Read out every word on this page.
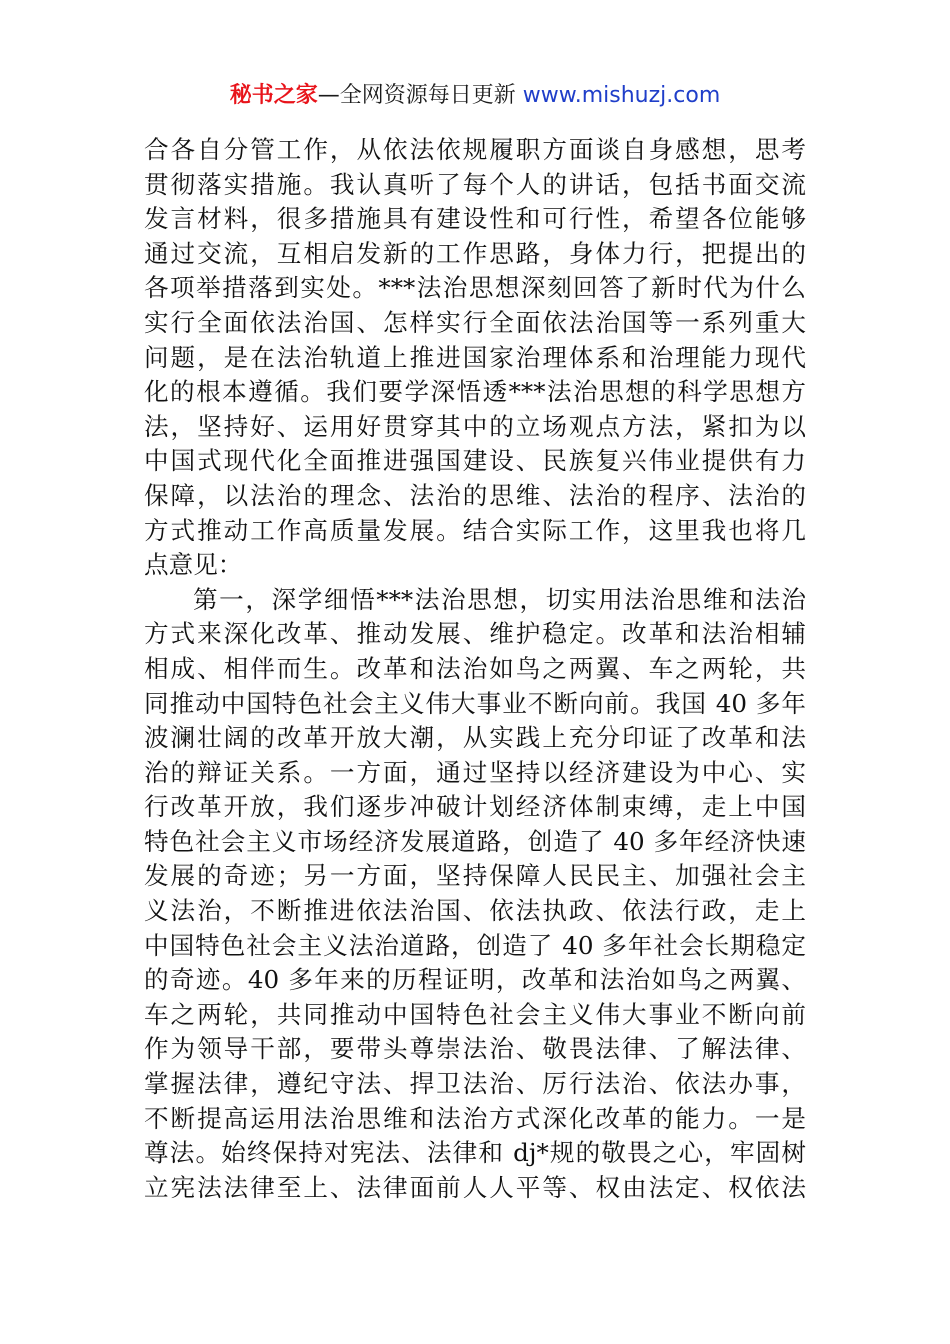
秘书之家—全网资源每日更新 www.mishuzj.com
合各自分管工作，从依法依规履职方面谈自身感想，思考
贯彻落实措施。我认真听了每个人的讲话，包括书面交流
发言材料，很多措施具有建设性和可行性，希望各位能够
通过交流，互相启发新的工作思路，身体力行，把提出的
各项举措落到实处。***法治思想深刻回答了新时代为什么
实行全面依法治国、怎样实行全面依法治国等一系列重大
问题，是在法治轨道上推进国家治理体系和治理能力现代
化的根本遵循。我们要学深悟透***法治思想的科学思想方
法，坚持好、运用好贯穿其中的立场观点方法，紧扣为以
中国式现代化全面推进强国建设、民族复兴伟业提供有力
保障，以法治的理念、法治的思维、法治的程序、法治的
方式推动工作高质量发展。结合实际工作，这里我也将几
点意见：
第一，深学细悟***法治思想，切实用法治思维和法治
方式来深化改革、推动发展、维护稳定。改革和法治相辅
相成、相伴而生。改革和法治如鸟之两翼、车之两轮，共
同推动中国特色社会主义伟大事业不断向前。我国 40 多年
波澜壮阔的改革开放大潮，从实践上充分印证了改革和法
治的辩证关系。一方面，通过坚持以经济建设为中心、实
行改革开放，我们逐步冲破计划经济体制束缚，走上中国
特色社会主义市场经济发展道路，创造了 40 多年经济快速
发展的奇迹；另一方面，坚持保障人民民主、加强社会主
义法治，不断推进依法治国、依法执政、依法行政，走上
中国特色社会主义法治道路，创造了 40 多年社会长期稳定
的奇迹。40 多年来的历程证明，改革和法治如鸟之两翼、
车之两轮，共同推动中国特色社会主义伟大事业不断向前
作为领导干部，要带头尊崇法治、敬畏法律、了解法律、
掌握法律，遵纪守法、捍卫法治、厉行法治、依法办事，
不断提高运用法治思维和法治方式深化改革的能力。一是
尊法。始终保持对宪法、法律和 dj*规的敬畏之心，牢固树
立宪法法律至上、法律面前人人平等、权由法定、权依法
